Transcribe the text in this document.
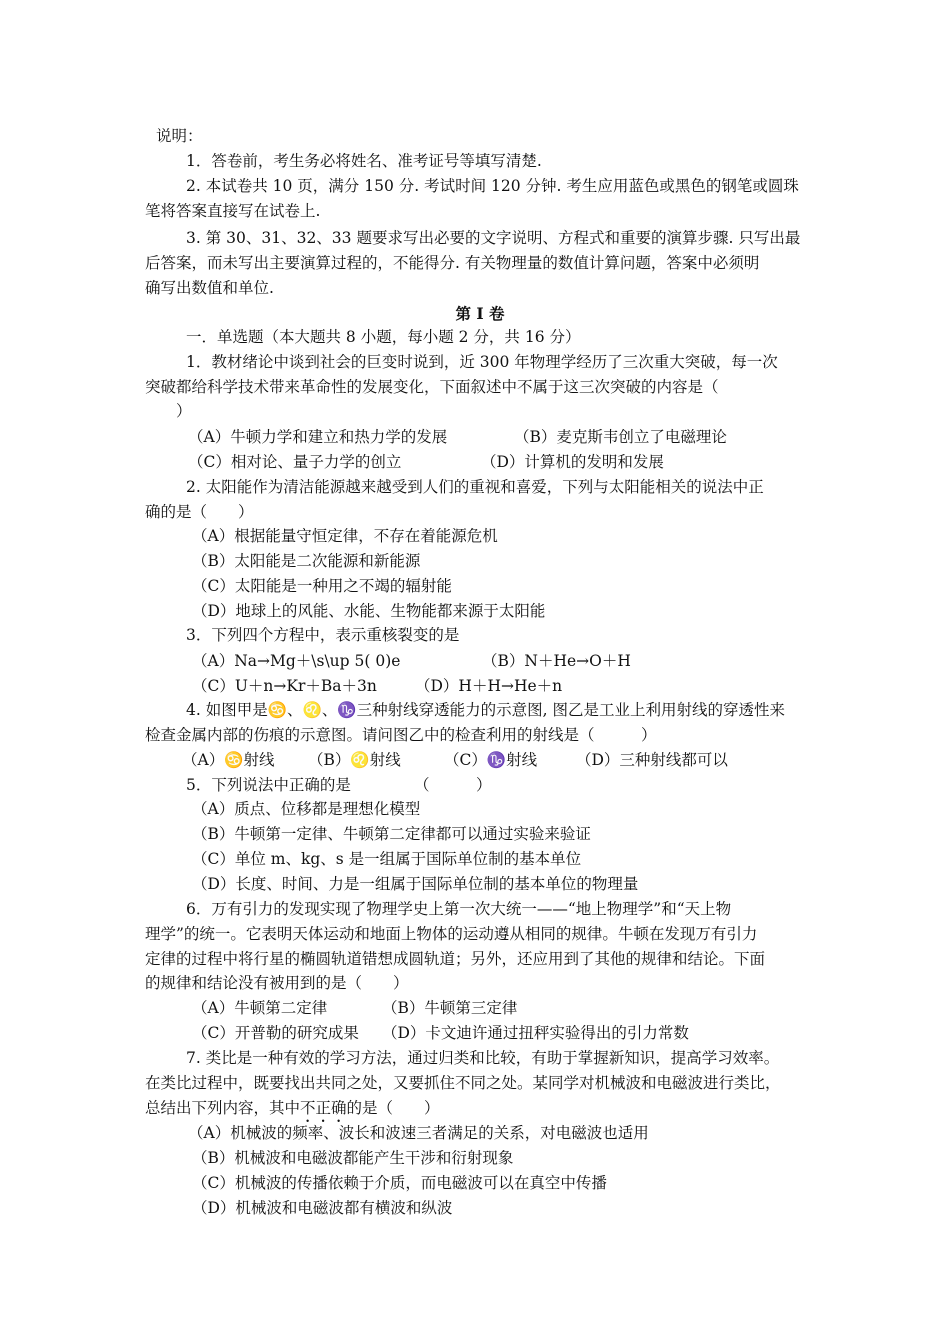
说明：
1．答卷前，考生务必将姓名、准考证号等填写清楚.
2. 本试卷共 10 页，满分 150 分. 考试时间 120 分钟. 考生应用蓝色或黑色的钢笔或圆珠
笔将答案直接写在试卷上.
3. 第 30、31、32、33 题要求写出必要的文字说明、方程式和重要的演算步骤. 只写出最
后答案，而未写出主要演算过程的，不能得分. 有关物理量的数值计算问题，答案中必须明
确写出数值和单位.
第 I 卷
一．单选题（本大题共 8 小题，每小题 2 分，共 16 分）
1．教材绪论中谈到社会的巨变时说到，近 300 年物理学经历了三次重大突破，每一次
突破都给科学技术带来革命性的发展变化，下面叙述中不属于这三次突破的内容是（
）
（A）牛顿力学和建立和热力学的发展	（B）麦克斯韦创立了电磁理论
（C）相对论、量子力学的创立	（D）计算机的发明和发展
2. 太阳能作为清洁能源越来越受到人们的重视和喜爱，下列与太阳能相关的说法中正
确的是（　　）
（A）根据能量守恒定律，不存在着能源危机
（B）太阳能是二次能源和新能源
（C）太阳能是一种用之不竭的辐射能
（D）地球上的风能、水能、生物能都来源于太阳能
3．下列四个方程中，表示重核裂变的是
（A）Na→Mg＋\s\up 5( 0)e	（B）N＋He→O＋H
（C）U＋n→Kr＋Ba＋3n （D）H＋H→He＋n
4. 如图甲是♋、♌、♑三种射线穿透能力的示意图, 图乙是工业上利用射线的穿透性来
检查金属内部的伤痕的示意图。请问图乙中的检查利用的射线是（　　　）
（A）♋射线 （B）♌射线	（C）♑射线	（D）三种射线都可以
5．下列说法中正确的是	（　　　）
（A）质点、位移都是理想化模型
（B）牛顿第一定律、牛顿第二定律都可以通过实验来验证
（C）单位 m、kg、s 是一组属于国际单位制的基本单位
（D）长度、时间、力是一组属于国际单位制的基本单位的物理量
6．万有引力的发现实现了物理学史上第一次大统一——“地上物理学”和“天上物
理学”的统一。它表明天体运动和地面上物体的运动遵从相同的规律。牛顿在发现万有引力
定律的过程中将行星的椭圆轨道错想成圆轨道；另外，还应用到了其他的规律和结论。下面
的规律和结论没有被用到的是（　　）
（A）牛顿第二定律	（B）牛顿第三定律
（C）开普勒的研究成果 （D）卡文迪许通过扭秤实验得出的引力常数
7. 类比是一种有效的学习方法，通过归类和比较，有助于掌握新知识，提高学习效率。
在类比过程中，既要找出共同之处，又要抓住不同之处。某同学对机械波和电磁波进行类比，
总结出下列内容，其中不正确的是（　　）
（A）机械波的频率、波长和波速三者满足的关系，对电磁波也适用
（B）机械波和电磁波都能产生干涉和衍射现象
（C）机械波的传播依赖于介质，而电磁波可以在真空中传播
（D）机械波和电磁波都有横波和纵波
